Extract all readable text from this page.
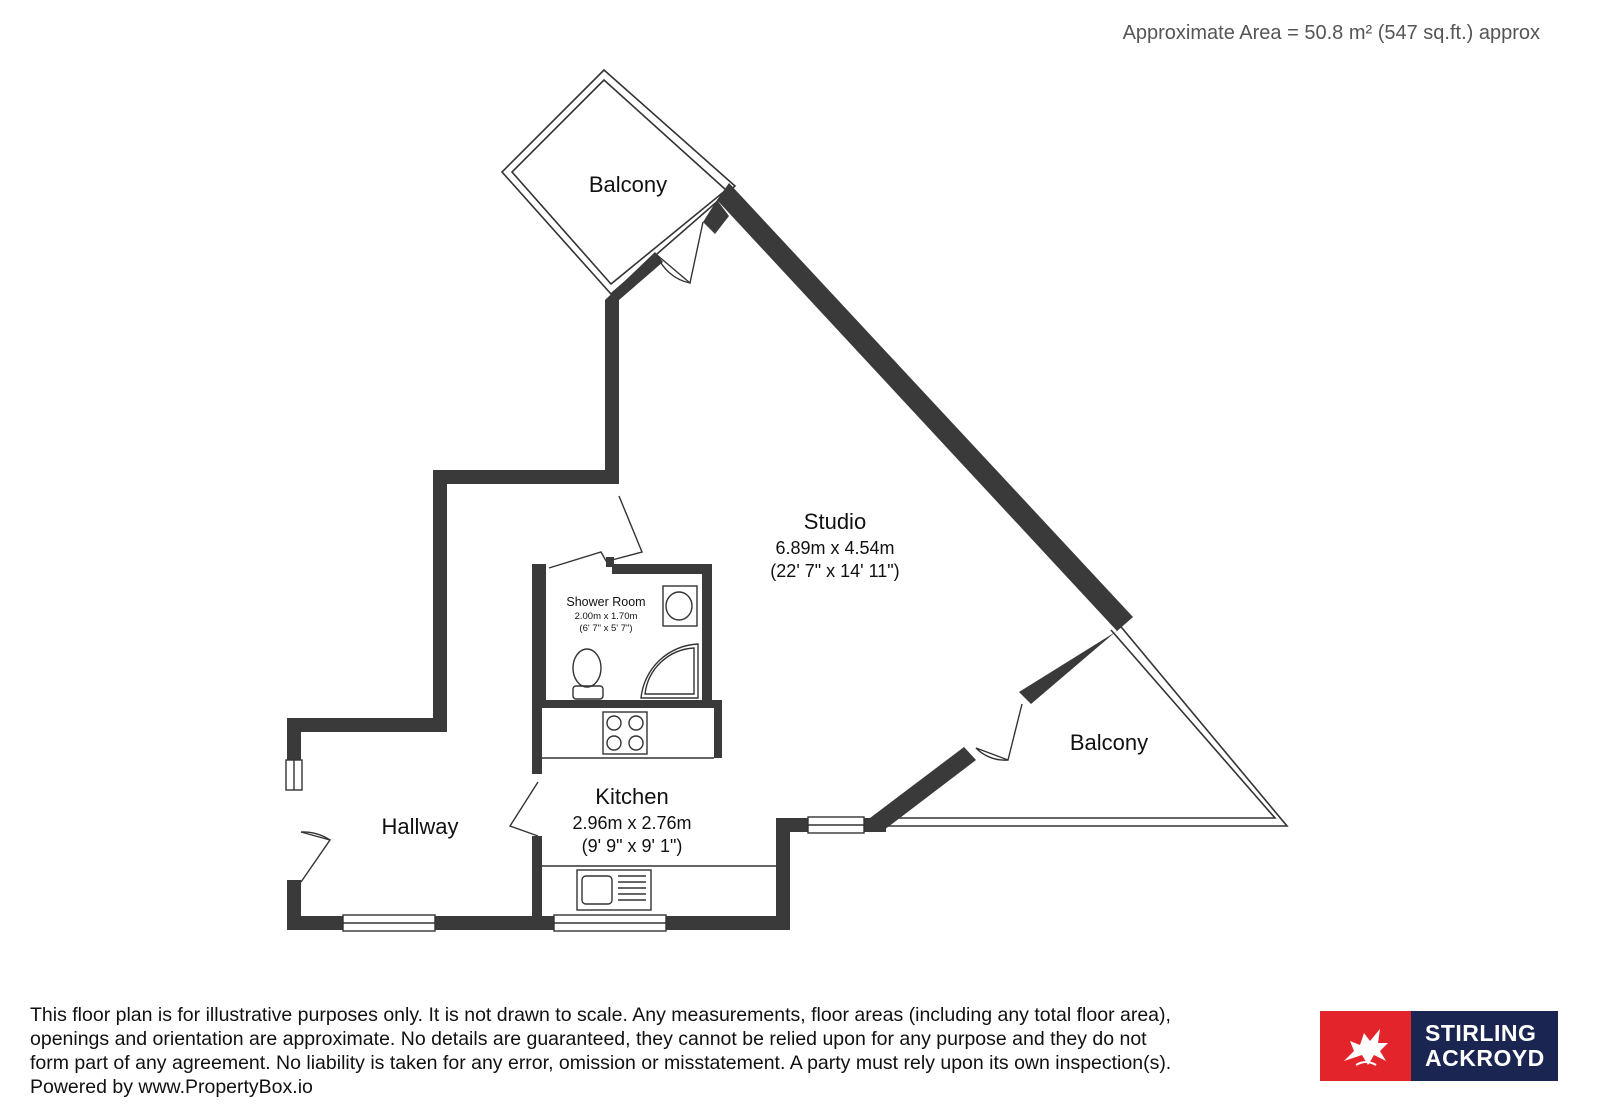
Approximate Area = 50.8 m² (547 sq.ft.) approx
Balcony
Balcony
Studio
6.89m x 4.54m
(22' 7" x 14' 11")
Shower Room
2.00m x 1.70m
(6' 7" x 5' 7")
Kitchen
2.96m x 2.76m
(9' 9" x 9' 1")
Hallway
This floor plan is for illustrative purposes only. It is not drawn to scale. Any measurements, floor areas (including any total floor area),
openings and orientation are approximate. No details are guaranteed, they cannot be relied upon for any purpose and they do not
form part of any agreement. No liability is taken for any error, omission or misstatement. A party must rely upon its own inspection(s).
Powered by www.PropertyBox.io
STIRLING
ACKROYD
